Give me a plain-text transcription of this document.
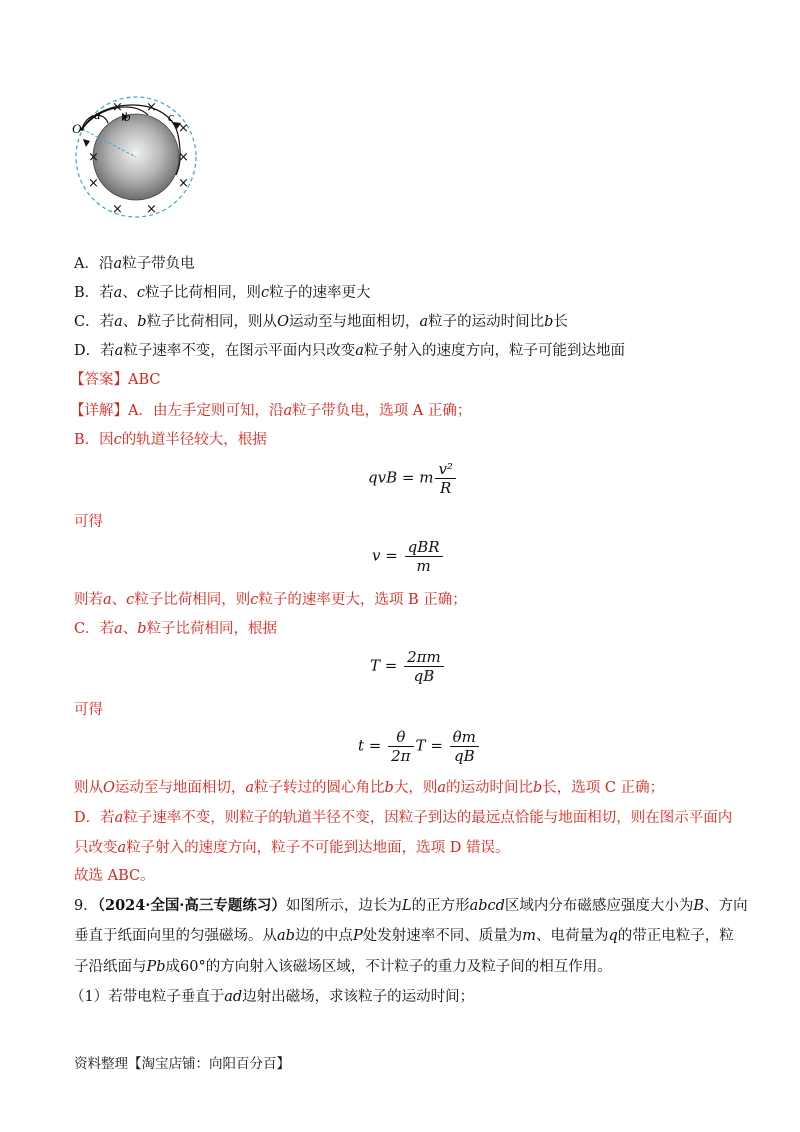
O
a b	c
× ×
×
×	×
×	×
× ×
A．沿a粒子带负电
B．若a、c粒子比荷相同，则c粒子的速率更大
C．若a、b粒子比荷相同，则从O运动至与地面相切，a粒子的运动时间比b长
D．若a粒子速率不变，在图示平面内只改变a粒子射入的速度方向，粒子可能到达地面
【答案】ABC
【详解】A．由左手定则可知，沿a粒子带负电，选项 A 正确；
B．因c的轨道半径较大，根据
qvB = m $\frac{\text{v²}}{R}$
可得
$v = \frac{\text{qBR}}{m}$
则若a、c粒子比荷相同，则c粒子的速率更大，选项 B 正确；
C．若a、b粒子比荷相同，根据
$T = \frac{2\pi m}{qB}$
可得
$t = \frac{\theta}{2\pi}$ $T = \frac{\theta m}{qB}$
则从O运动至与地面相切，a粒子转过的圆心角比b大，则a的运动时间比b长，选项 C 正确；
D．若a粒子速率不变，则粒子的轨道半径不变，因粒子到达的最远点恰能与地面相切，则在图示平面内
只改变a粒子射入的速度方向，粒子不可能到达地面，选项 D 错误。
故选 ABC。
9．（2024·全国·高三专题练习）如图所示，边长为L的正方形abcd区域内分布磁感应强度大小为B、方向
垂直于纸面向里的匀强磁场。从ab边的中点P处发射速率不同、质量为m、电荷量为q的带正电粒子，粒
子沿纸面与Pb成60°的方向射入该磁场区域，不计粒子的重力及粒子间的相互作用。
（1）若带电粒子垂直于ad边射出磁场，求该粒子的运动时间；
资料整理【淘宝店铺：向阳百分百】
